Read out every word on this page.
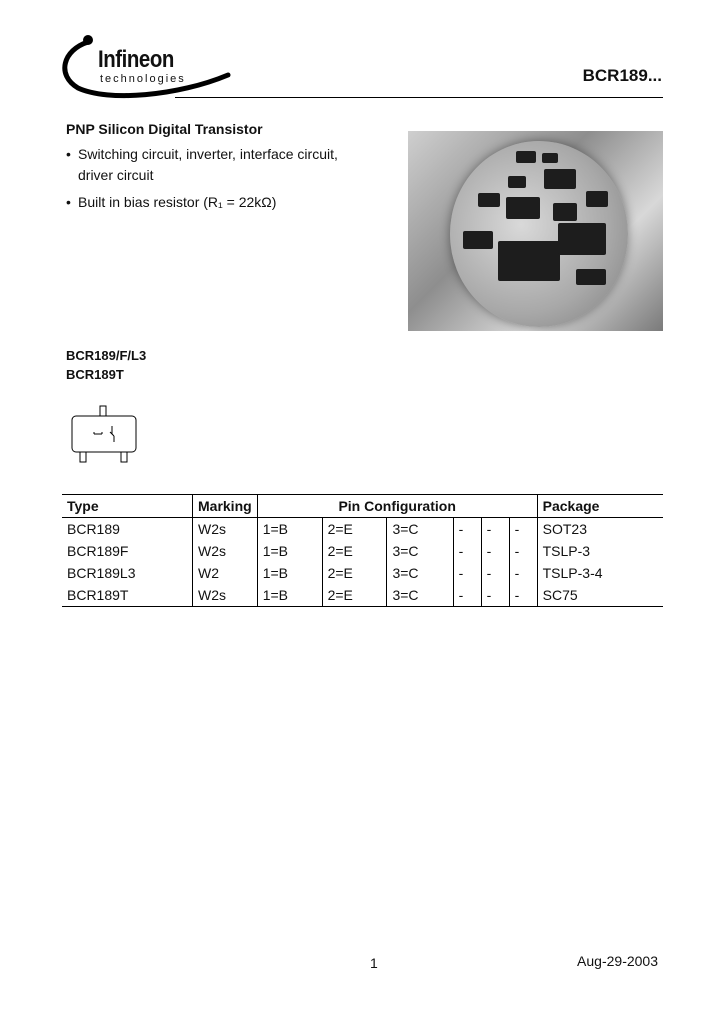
Infineon
technologies	BCR189...
PNP Silicon Digital Transistor
• Switching circuit, inverter, interface circuit,
driver circuit
• Built in bias resistor (R₁ = 22kΩ)
BCR189/F/L3
BCR189T
Type	Marking	Pin Configuration						Package
BCR189	W2s	1=B	2=E	3=C	-	-	-	SOT23
BCR189F	W2s	1=B	2=E	3=C	-	-	-	TSLP-3
BCR189L3	W2	1=B	2=E	3=C	-	-	-	TSLP-3-4
BCR189T	W2s	1=B	2=E	3=C	-	-	-	SC75
1	Aug-29-2003
